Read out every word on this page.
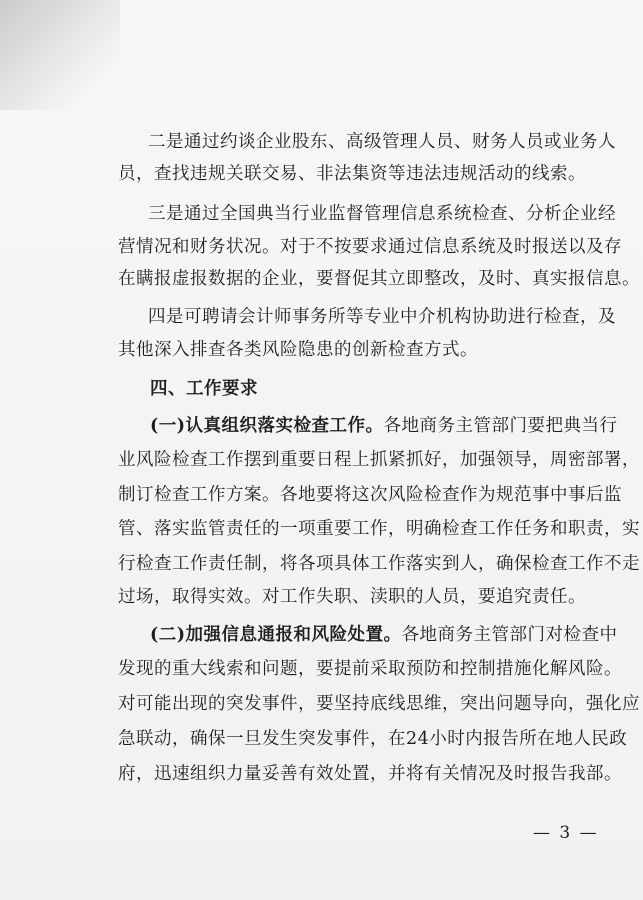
二是通过约谈企业股东、高级管理人员、财务人员或业务人
员，查找违规关联交易、非法集资等违法违规活动的线索。
三是通过全国典当行业监督管理信息系统检查、分析企业经
营情况和财务状况。对于不按要求通过信息系统及时报送以及存
在瞒报虚报数据的企业，要督促其立即整改，及时、真实报信息。
四是可聘请会计师事务所等专业中介机构协助进行检查，及
其他深入排查各类风险隐患的创新检查方式。
四、工作要求
(一)认真组织落实检查工作。各地商务主管部门要把典当行
业风险检查工作摆到重要日程上抓紧抓好，加强领导，周密部署，
制订检查工作方案。各地要将这次风险检查作为规范事中事后监
管、落实监管责任的一项重要工作，明确检查工作任务和职责，实
行检查工作责任制，将各项具体工作落实到人，确保检查工作不走
过场，取得实效。对工作失职、渎职的人员，要追究责任。
(二)加强信息通报和风险处置。各地商务主管部门对检查中
发现的重大线索和问题，要提前采取预防和控制措施化解风险。
对可能出现的突发事件，要坚持底线思维，突出问题导向，强化应
急联动，确保一旦发生突发事件，在24小时内报告所在地人民政
府，迅速组织力量妥善有效处置，并将有关情况及时报告我部。
— 3 —
